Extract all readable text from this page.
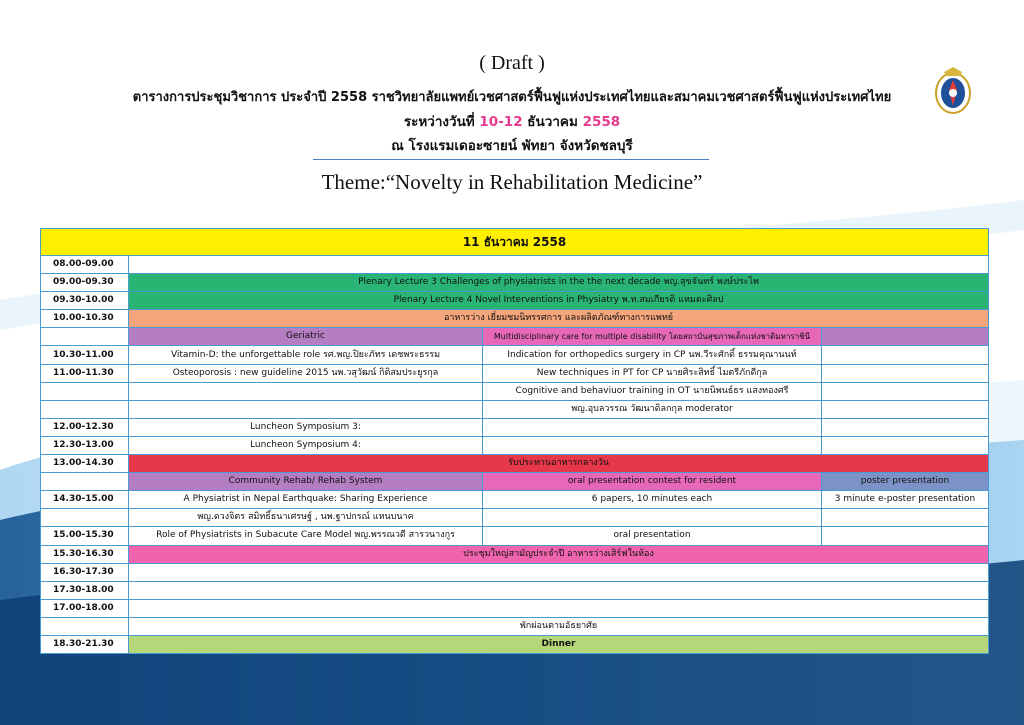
( Draft )
ตารางการประชุมวิชาการ ประจำปี 2558 ราชวิทยาลัยแพทย์เวชศาสตร์ฟื้นฟูแห่งประเทศไทยและสมาคมเวชศาสตร์ฟื้นฟูแห่งประเทศไทย
ระหว่างวันที่ 10-12 ธันวาคม 2558
ณ โรงแรมเดอะซายน์ พัทยา จังหวัดชลบุรี
Theme:“Novelty in Rehabilitation Medicine”
11 ธันวาคม 2558			
08.00-09.00			
09.00-09.30	Plenary Lecture 3 Challenges of physiatrists in the the next decade พญ.สุขจันทร์ พงษ์ประไพ		
09.30-10.00	Plenary Lecture 4 Novel Interventions in Physiatry พ.ท.สมเกียรติ แหมตะศิลป		
10.00-10.30	อาหารว่าง เยี่ยมชมนิทรรศการ และผลิตภัณฑ์ทางการแพทย์		
	Geriatric	Multidisciplinary care for multiple disability โดยสถาบันสุขภาพเด็กแห่งชาติมหาราชินี	
10.30-11.00	Vitamin-D: the unforgettable role รศ.พญ.ปิยะภัทร เดชพระธรรม	Indication for orthopedics surgery in CP นพ.วีระศักดิ์ ธรรมคุณานนท์	
11.00-11.30	Osteoporosis : new guideline 2015 นพ.วสุวัฒน์ กิติสมประยูรกุล	New techniques in PT for CP นายศิระสิทธิ์ ไมตรีภักดีกุล	
		Cognitive and behaviuor training in OT นายนิพนธ์ธร แสงทองศรี	
		พญ.อุบลวรรณ วัฒนาดิลกกุล moderator	
12.00-12.30	Luncheon Symposium 3:		
12.30-13.00	Luncheon Symposium 4:		
13.00-14.30	รับประทานอาหารกลางวัน		
	Community Rehab/ Rehab System	oral presentation contest for resident	poster presentation
14.30-15.00	A Physiatrist in Nepal Earthquake: Sharing Experience	6 papers, 10 minutes each	3 minute e-poster presentation
	พญ.ดวงจิตร สมิทธิ์ธนาเศรษฐ์ , นพ.ฐาปกรณ์ แหนบนาค		
15.00-15.30	Role of Physiatrists in Subacute Care Model พญ.พรรณวดี สารวนางกูร	oral presentation	
15.30-16.30	ประชุมใหญ่สามัญประจำปี อาหารว่างเสิร์ฟในห้อง		
16.30-17.30			
17.30-18.00			
17.00-18.00			
	พักผ่อนตามอัธยาศัย		
18.30-21.30	Dinner		
